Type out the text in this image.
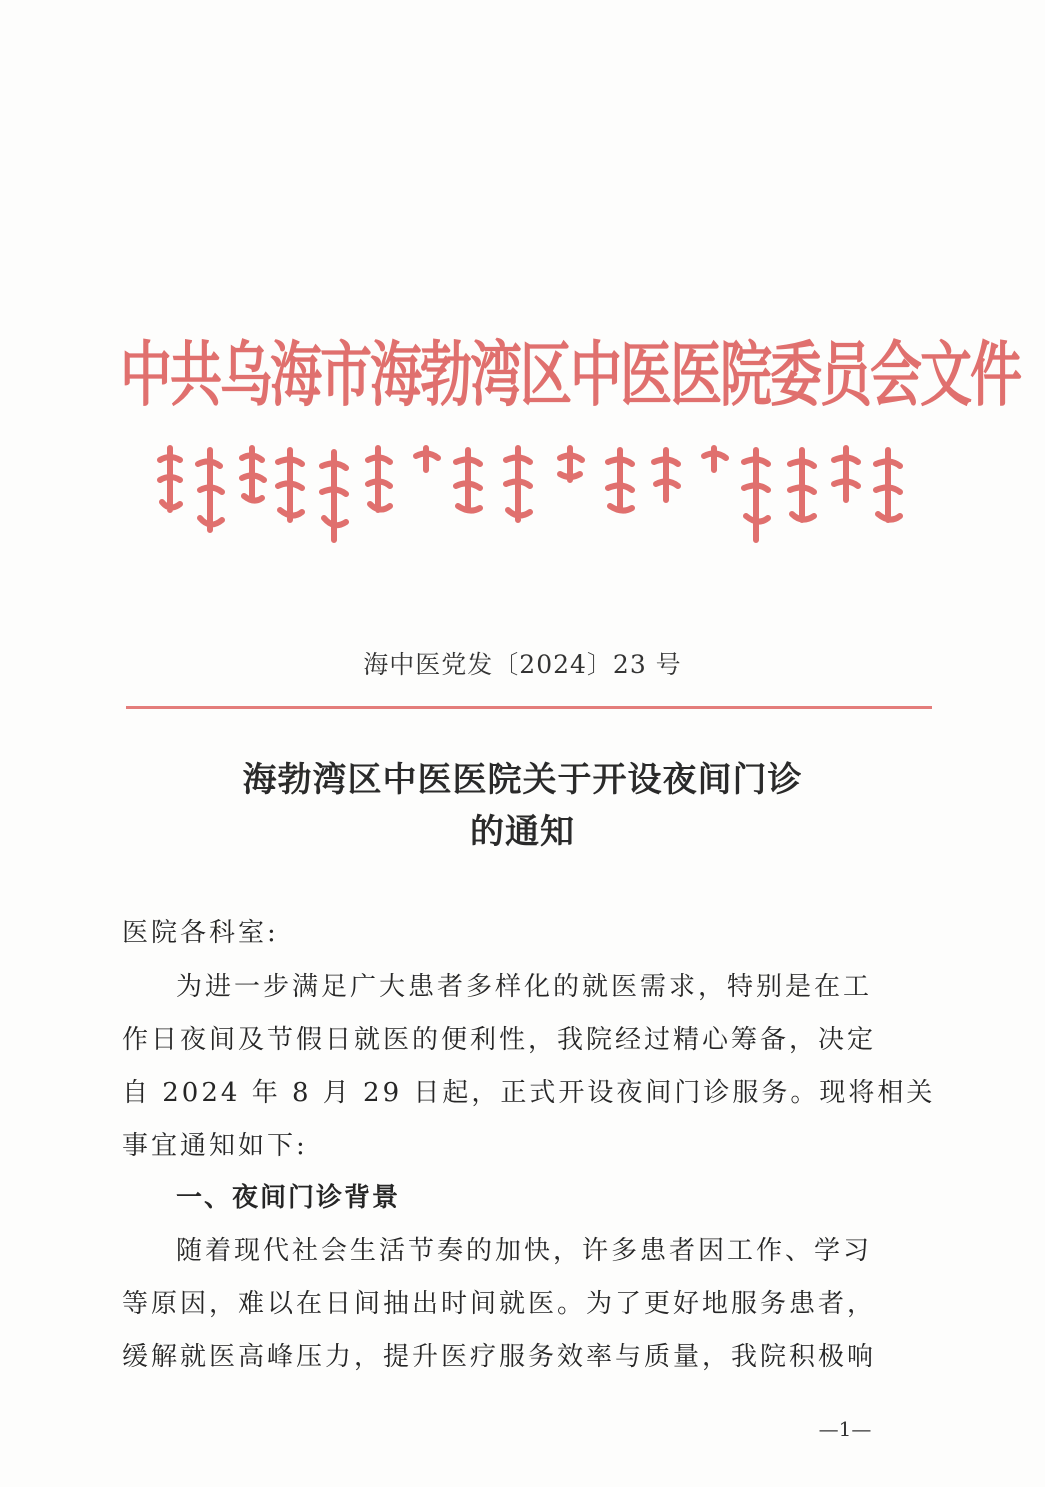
中共乌海市海勃湾区中医医院委员会文件
海中医党发〔2024〕23 号
海勃湾区中医医院关于开设夜间门诊
的通知
医院各科室:
为进一步满足广大患者多样化的就医需求，特别是在工
作日夜间及节假日就医的便利性，我院经过精心筹备，决定
自 2024 年 8 月 29 日起，正式开设夜间门诊服务。现将相关
事宜通知如下:
一、夜间门诊背景
随着现代社会生活节奏的加快，许多患者因工作、学习
等原因，难以在日间抽出时间就医。为了更好地服务患者，
缓解就医高峰压力，提升医疗服务效率与质量，我院积极响
—1—
